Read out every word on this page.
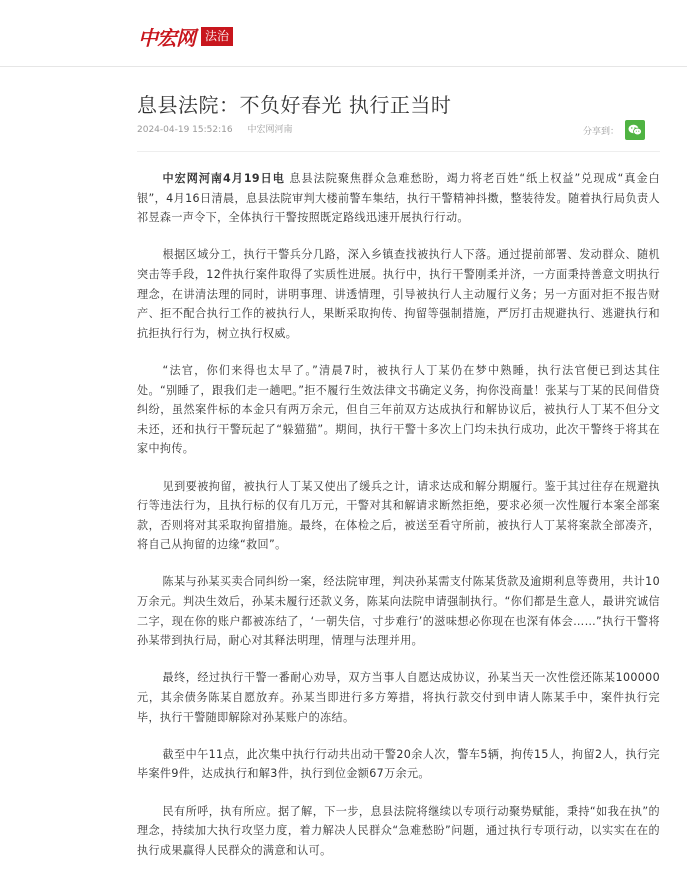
中宏网 法治
息县法院：不负好春光 执行正当时
2024-04-19 15:52:16 中宏网河南	分享到：

中宏网河南4月19日电 息县法院聚焦群众急难愁盼，竭力将老百姓“纸上权益”兑现成“真金白银”，4月16日清晨，息县法院审判大楼前警车集结，执行干警精神抖擞，整装待发。随着执行局负责人祁昱森一声令下，全体执行干警按照既定路线迅速开展执行行动。

根据区域分工，执行干警兵分几路，深入乡镇查找被执行人下落。通过提前部署、发动群众、随机突击等手段，12件执行案件取得了实质性进展。执行中，执行干警刚柔并济，一方面秉持善意文明执行理念，在讲清法理的同时，讲明事理、讲透情理，引导被执行人主动履行义务；另一方面对拒不报告财产、拒不配合执行工作的被执行人，果断采取拘传、拘留等强制措施，严厉打击规避执行、逃避执行和抗拒执行行为，树立执行权威。

“法官，你们来得也太早了。”清晨7时，被执行人丁某仍在梦中熟睡，执行法官便已到达其住处。“别睡了，跟我们走一趟吧。”拒不履行生效法律文书确定义务，拘你没商量！张某与丁某的民间借贷纠纷，虽然案件标的本金只有两万余元，但自三年前双方达成执行和解协议后，被执行人丁某不但分文未还，还和执行干警玩起了“躲猫猫”。期间，执行干警十多次上门均未执行成功，此次干警终于将其在家中拘传。

见到要被拘留，被执行人丁某又使出了缓兵之计，请求达成和解分期履行。鉴于其过往存在规避执行等违法行为，且执行标的仅有几万元，干警对其和解请求断然拒绝，要求必须一次性履行本案全部案款，否则将对其采取拘留措施。最终，在体检之后，被送至看守所前，被执行人丁某将案款全部凑齐，将自己从拘留的边缘“救回”。

陈某与孙某买卖合同纠纷一案，经法院审理，判决孙某需支付陈某货款及逾期利息等费用，共计10万余元。判决生效后，孙某未履行还款义务，陈某向法院申请强制执行。“你们都是生意人，最讲究诚信二字，现在你的账户都被冻结了，‘一朝失信，寸步难行’的滋味想必你现在也深有体会……”执行干警将孙某带到执行局，耐心对其释法明理，情理与法理并用。

最终，经过执行干警一番耐心劝导，双方当事人自愿达成协议，孙某当天一次性偿还陈某100000元，其余债务陈某自愿放弃。孙某当即进行多方筹措，将执行款交付到申请人陈某手中，案件执行完毕，执行干警随即解除对孙某账户的冻结。

截至中午11点，此次集中执行行动共出动干警20余人次，警车5辆，拘传15人，拘留2人，执行完毕案件9件，达成执行和解3件，执行到位金额67万余元。

民有所呼，执有所应。据了解，下一步，息县法院将继续以专项行动聚势赋能，秉持“如我在执”的理念，持续加大执行攻坚力度，着力解决人民群众“急难愁盼”问题，通过执行专项行动，以实实在在的执行成果赢得人民群众的满意和认可。
